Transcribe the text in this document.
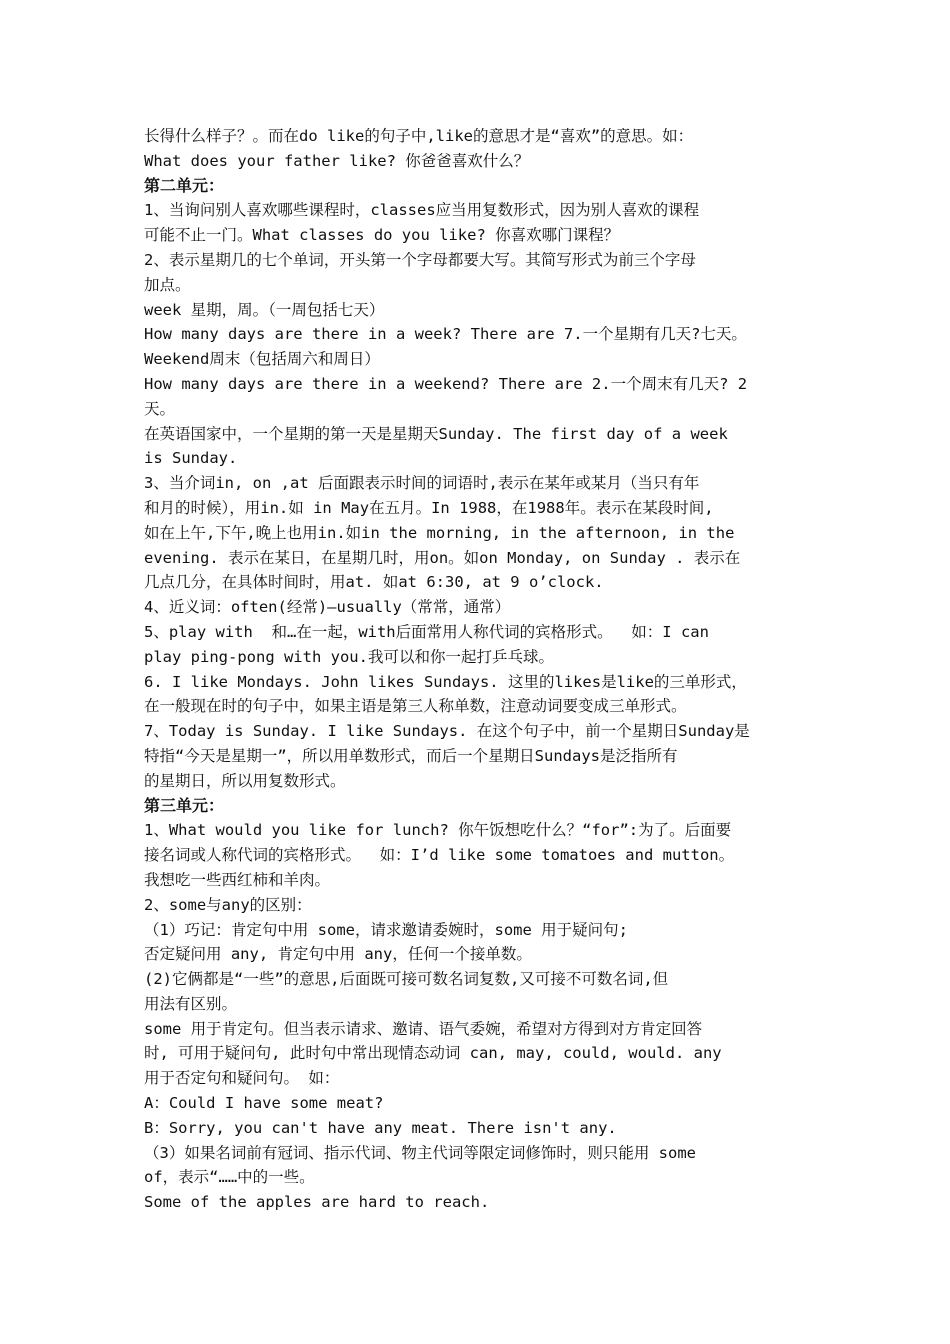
长得什么样子？。而在do like的句子中,like的意思才是“喜欢”的意思。如：
What does your father like? 你爸爸喜欢什么？
第二单元：
1、当询问别人喜欢哪些课程时，classes应当用复数形式，因为别人喜欢的课程
可能不止一门。What classes do you like? 你喜欢哪门课程？
2、表示星期几的七个单词，开头第一个字母都要大写。其简写形式为前三个字母
加点。
week 星期，周。（一周包括七天）
How many days are there in a week? There are 7.一个星期有几天?七天。
Weekend周末（包括周六和周日）
How many days are there in a weekend? There are 2.一个周末有几天? 2
天。
在英语国家中，一个星期的第一天是星期天Sunday. The first day of a week
is Sunday.
3、当介词in, on ,at 后面跟表示时间的词语时,表示在某年或某月（当只有年
和月的时候），用in.如 in May在五月。In 1988，在1988年。表示在某段时间,
如在上午,下午,晚上也用in.如in the morning, in the afternoon, in the
evening. 表示在某日，在星期几时，用on。如on Monday, on Sunday . 表示在
几点几分，在具体时间时，用at. 如at 6:30, at 9 o’clock.
4、近义词：often(经常)—usually（常常，通常）
5、play with  和…在一起，with后面常用人称代词的宾格形式。  如：I can
play ping-pong with you.我可以和你一起打乒乓球。
6. I like Mondays. John likes Sundays. 这里的likes是like的三单形式，
在一般现在时的句子中，如果主语是第三人称单数，注意动词要变成三单形式。
7、Today is Sunday. I like Sundays. 在这个句子中，前一个星期日Sunday是
特指“今天是星期一”，所以用单数形式，而后一个星期日Sundays是泛指所有
的星期日，所以用复数形式。
第三单元：
1、What would you like for lunch? 你午饭想吃什么？“for”:为了。后面要
接名词或人称代词的宾格形式。  如：I’d like some tomatoes and mutton。
我想吃一些西红柿和羊肉。
2、some与any的区别：
（1）巧记：肯定句中用 some，请求邀请委婉时，some 用于疑问句;
否定疑问用 any, 肯定句中用 any，任何一个接单数。
(2)它俩都是“一些”的意思,后面既可接可数名词复数,又可接不可数名词,但
用法有区别。
some 用于肯定句。但当表示请求、邀请、语气委婉，希望对方得到对方肯定回答
时, 可用于疑问句, 此时句中常出现情态动词 can, may, could, would. any
用于否定句和疑问句。 如：
A：Could I have some meat?
B：Sorry, you can't have any meat. There isn't any.
（3）如果名词前有冠词、指示代词、物主代词等限定词修饰时，则只能用 some
of，表示“……中的一些。
Some of the apples are hard to reach.
